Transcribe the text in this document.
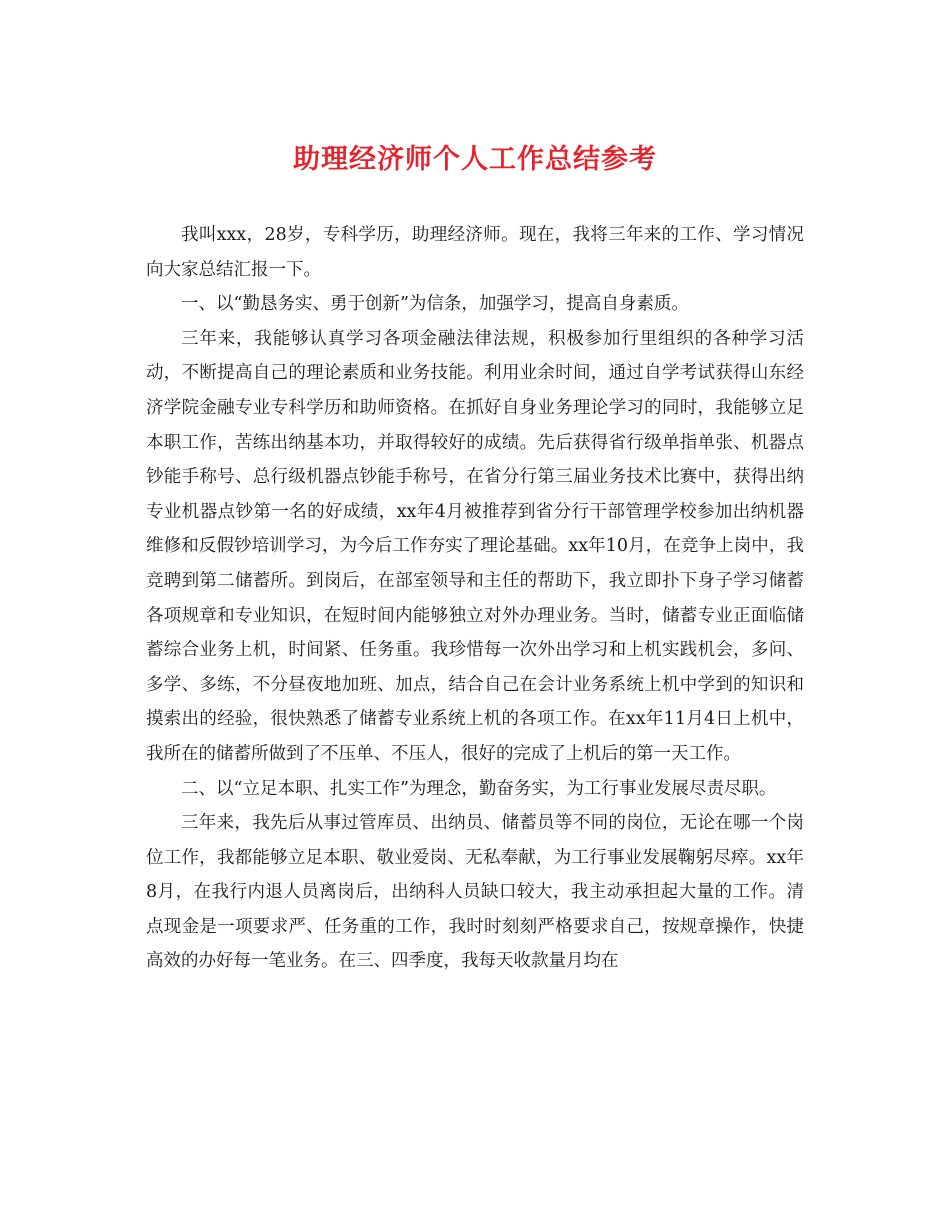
助理经济师个人工作总结参考

我叫xxx，28岁，专科学历，助理经济师。现在，我将三年来的工作、学习情况向大家总结汇报一下。

一、以“勤恳务实、勇于创新”为信条，加强学习，提高自身素质。

三年来，我能够认真学习各项金融法律法规，积极参加行里组织的各种学习活动，不断提高自己的理论素质和业务技能。利用业余时间，通过自学考试获得山东经济学院金融专业专科学历和助师资格。在抓好自身业务理论学习的同时，我能够立足本职工作，苦练出纳基本功，并取得较好的成绩。先后获得省行级单指单张、机器点钞能手称号、总行级机器点钞能手称号，在省分行第三届业务技术比赛中，获得出纳专业机器点钞第一名的好成绩，xx年4月被推荐到省分行干部管理学校参加出纳机器维修和反假钞培训学习，为今后工作夯实了理论基础。xx年10月，在竞争上岗中，我竞聘到第二储蓄所。到岗后，在部室领导和主任的帮助下，我立即扑下身子学习储蓄各项规章和专业知识，在短时间内能够独立对外办理业务。当时，储蓄专业正面临储蓄综合业务上机，时间紧、任务重。我珍惜每一次外出学习和上机实践机会，多问、多学、多练，不分昼夜地加班、加点，结合自己在会计业务系统上机中学到的知识和摸索出的经验，很快熟悉了储蓄专业系统上机的各项工作。在xx年11月4日上机中，我所在的储蓄所做到了不压单、不压人，很好的完成了上机后的第一天工作。

二、以“立足本职、扎实工作”为理念，勤奋务实，为工行事业发展尽责尽职。

三年来，我先后从事过管库员、出纳员、储蓄员等不同的岗位，无论在哪一个岗位工作，我都能够立足本职、敬业爱岗、无私奉献，为工行事业发展鞠躬尽瘁。xx年8月，在我行内退人员离岗后，出纳科人员缺口较大，我主动承担起大量的工作。清点现金是一项要求严、任务重的工作，我时时刻刻严格要求自己，按规章操作，快捷高效的办好每一笔业务。在三、四季度，我每天收款量月均在
